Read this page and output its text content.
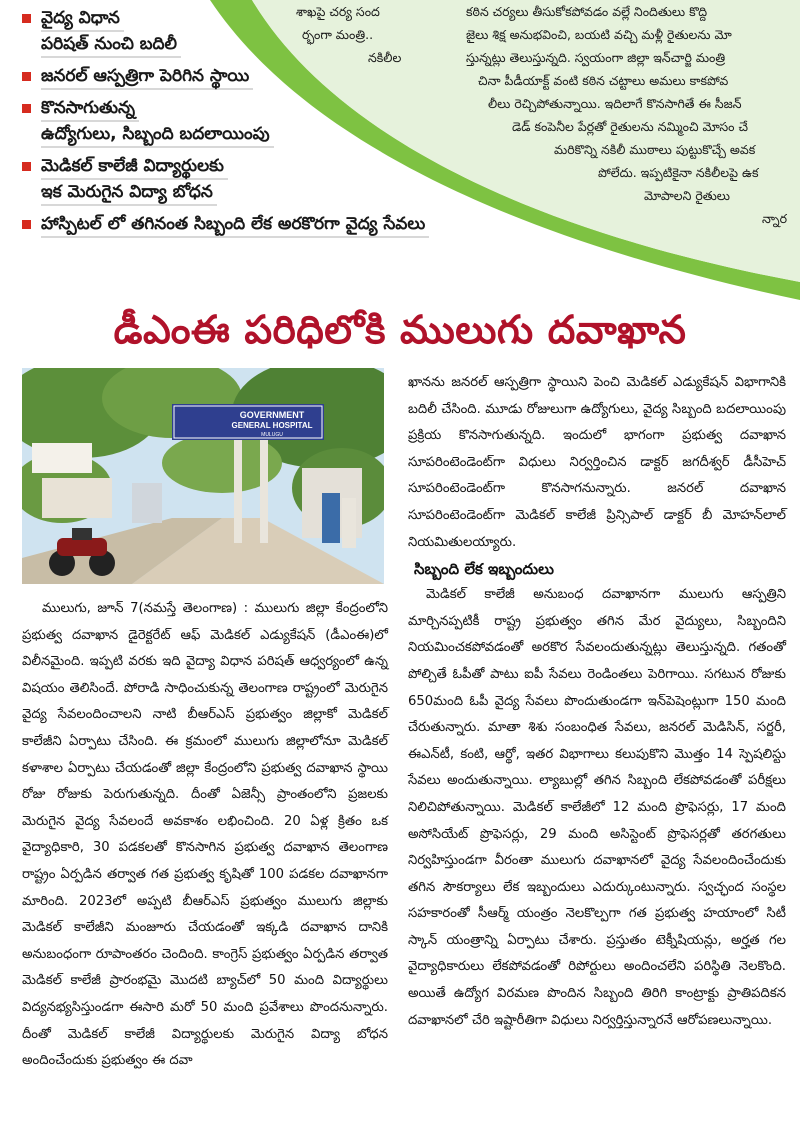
శాఖపై చర్య సంద
ర్భంగా మంత్రి..
నకిలీల
కఠిన చర్యలు తీసుకోకపోవడం వల్లే నిందితులు కొద్ది
జైలు శిక్ష అనుభవించి, బయటి వచ్చి మళ్లీ రైతులను మో
స్తున్నట్లు తెలుస్తున్నది. స్వయంగా జిల్లా ఇన్‌చార్జి మంత్రి
చినా పీడీయాక్ట్ వంటి కఠిన చట్టాలు అమలు కాకపోవ
లీలు రెచ్చిపోతున్నాయి. ఇదిలాగే కొనసాగితే ఈ సీజన్
డెడ్ కంపెనీల పేర్లతో రైతులను నమ్మించి మోసం చే
మరికొన్ని నకిలీ ముఠాలు పుట్టుకొచ్చే అవక
పోలేదు. ఇప్పటికైనా నకిలీలపై ఉక
మోపాలని రైతులు
న్నార
వైద్య విధాన
పరిషత్ నుంచి బదిలీ
జనరల్ ఆస్పత్రిగా పెరిగిన స్థాయి
కొనసాగుతున్న
ఉద్యోగులు, సిబ్బంది బదలాయింపు
మెడికల్ కాలేజీ విద్యార్థులకు
ఇక మెరుగైన విద్యా బోధన
హాస్పిటల్ లో తగినంత సిబ్బంది లేక అరకొరగా వైద్య సేవలు
డీఎంఈ పరిధిలోకి ములుగు దవాఖాన
GOVERNMENT
GENERAL HOSPITAL
MULUGU

ములుగు, జూన్ 7(నమస్తే తెలంగాణ) : ములుగు జిల్లా కేంద్రంలోని ప్రభుత్వ దవాఖాన డైరెక్టరేట్ ఆఫ్ మెడికల్ ఎడ్యుకేషన్ (డీఎంఈ)లో విలీనమైంది. ఇప్పటి వరకు ఇది వైద్యా విధాన పరిషత్ ఆధ్వర్యంలో ఉన్న విషయం తెలిసిందే. పోరాడి సాధించుకున్న తెలంగాణ రాష్ట్రంలో మెరుగైన వైద్య సేవలందించాలని నాటి బీఆర్ఎస్ ప్రభుత్వం జిల్లాకో మెడికల్ కాలేజీని ఏర్పాటు చేసింది. ఈ క్రమంలో ములుగు జిల్లాలోనూ మెడికల్ కళాశాల ఏర్పాటు చేయడంతో జిల్లా కేంద్రంలోని ప్రభుత్వ దవాఖాన స్థాయి రోజు రోజుకు పెరుగుతున్నది. దీంతో ఏజెన్సీ ప్రాంతంలోని ప్రజలకు మెరుగైన వైద్య సేవలందే అవకాశం లభించింది. 20 ఏళ్ల క్రితం ఒక వైద్యాధికారి, 30 పడకలతో కొనసాగిన ప్రభుత్వ దవాఖాన తెలంగాణ రాష్ట్రం ఏర్పడిన తర్వాత గత ప్రభుత్వ కృషితో 100 పడకల దవాఖానగా మారింది. 2023లో అప్పటి బీఆర్ఎస్ ప్రభుత్వం ములుగు జిల్లాకు మెడికల్ కాలేజీని మంజూరు చేయడంతో ఇక్కడి దవాఖాన దానికి అనుబంధంగా రూపాంతరం చెందింది. కాంగ్రెస్ ప్రభుత్వం ఏర్పడిన తర్వాత మెడికల్ కాలేజీ ప్రారంభమై మొదటి బ్యాచ్‌లో 50 మంది విద్యార్థులు విద్యనభ్యసిస్తుండగా ఈసారి మరో 50 మంది ప్రవేశాలు పొందనున్నారు. దీంతో మెడికల్ కాలేజీ విద్యార్థులకు మెరుగైన విద్యా బోధన అందించేందుకు ప్రభుత్వం ఈ దవా

ఖానను జనరల్ ఆస్పత్రిగా స్థాయిని పెంచి మెడికల్ ఎడ్యుకేషన్ విభాగానికి బదిలీ చేసింది. మూడు రోజులుగా ఉద్యోగులు, వైద్య సిబ్బంది బదలాయింపు ప్రక్రియ కొనసాగుతున్నది. ఇందులో భాగంగా ప్రభుత్వ దవాఖాన సూపరింటెండెంట్‌గా విధులు నిర్వర్తించిన డాక్టర్ జగదీశ్వర్ డీసీహెచ్ సూపరింటెండెంట్‌గా కొనసాగనున్నారు. జనరల్ దవాఖాన సూపరింటెండెంట్‌గా మెడికల్ కాలేజీ ప్రిన్సిపాల్ డాక్టర్ బీ మోహన్‌లాల్ నియమితులయ్యారు.

సిబ్బంది లేక ఇబ్బందులు

మెడికల్ కాలేజీ అనుబంధ దవాఖానగా ములుగు ఆస్పత్రిని మార్చినప్పటికీ రాష్ట్ర ప్రభుత్వం తగిన మేర వైద్యులు, సిబ్బందిని నియమించకపోవడంతో అరకొర సేవలందుతున్నట్లు తెలుస్తున్నది. గతంతో పోల్చితే ఓపీతో పాటు ఐపీ సేవలు రెండింతలు పెరిగాయి. సగటున రోజుకు 650మంది ఓపీ వైద్య సేవలు పొందుతుండగా ఇన్‌పెషెంట్లుగా 150 మంది చేరుతున్నారు. మాతా శిశు సంబంధిత సేవలు, జనరల్ మెడిసిన్, సర్జరీ, ఈఎన్‌టీ, కంటి, ఆర్థో, ఇతర విభాగాలు కలుపుకొని మొత్తం 14 స్పెషలిస్టు సేవలు అందుతున్నాయి. ల్యాబుల్లో తగిన సిబ్బంది లేకపోవడంతో పరీక్షలు నిలిచిపోతున్నాయి. మెడికల్ కాలేజీలో 12 మంది ప్రొఫెసర్లు, 17 మంది అసోసియేట్ ప్రొఫెసర్లు, 29 మంది అసిస్టెంట్ ప్రొఫెసర్లతో తరగతులు నిర్వహిస్తుండగా వీరంతా ములుగు దవాఖానలో వైద్య సేవలందించేందుకు తగిన సౌకర్యాలు లేక ఇబ్బందులు ఎదుర్కుంటున్నారు. స్వచ్ఛంద సంస్థల సహకారంతో సీఆర్మ్ యంత్రం నెలకొల్పగా గత ప్రభుత్వ హయాంలో సిటీ స్కాన్ యంత్రాన్ని ఏర్పాటు చేశారు. ప్రస్తుతం టెక్నీషియన్లు, అర్హత గల వైద్యాధికారులు లేకపోవడంతో రిపోర్టులు అందించలేని పరిస్థితి నెలకొంది. అయితే ఉద్యోగ విరమణ పొందిన సిబ్బంది తిరిగి కాంట్రాక్టు ప్రాతిపదికన దవాఖానలో చేరి ఇష్టారీతిగా విధులు నిర్వర్తిస్తున్నారనే ఆరోపణలున్నాయి.
